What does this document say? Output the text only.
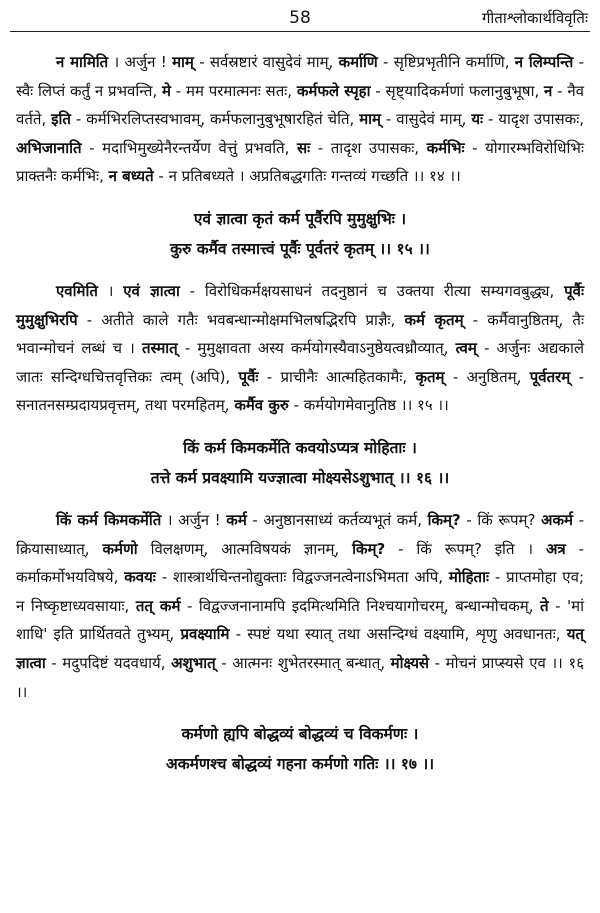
58	गीताश्लोकार्थविवृतिः

न मामिति । अर्जुन ! माम् - सर्वस्रष्टारं वासुदेवं माम्, कर्माणि - सृष्टिप्रभृतीनि कर्माणि, न लिम्पन्ति - स्वैः लिप्तं कर्तुं न प्रभवन्ति, मे - मम परमात्मनः सतः, कर्मफले स्पृहा - सृष्ट्यादिकर्मणां फलानुबुभूषा, न - नैव वर्तते, इति - कर्मभिरलिप्तस्वभावम्, कर्मफलानुबुभूषारहितं चेति, माम् - वासुदेवं माम्, यः - यादृश उपासकः, अभिजानाति - मदाभिमुख्येनैरन्तर्येण वेत्तुं प्रभवति, सः - तादृश उपासकः, कर्मभिः - योगारम्भविरोधिभिः प्राक्तनैः कर्मभिः, न बध्यते - न प्रतिबध्यते । अप्रतिबद्धगतिः गन्तव्यं गच्छति ।। १४ ।।

एवं ज्ञात्वा कृतं कर्म पूर्वैरपि मुमुक्षुभिः ।
कुरु कर्मैव तस्मात्त्वं पूर्वैः पूर्वतरं कृतम् ।। १५ ।।

एवमिति । एवं ज्ञात्वा - विरोधिकर्मक्षयसाधनं तदनुष्ठानं च उक्तया रीत्या सम्यगवबुद्ध्य, पूर्वैः मुमुक्षुभिरपि - अतीते काले गतैः भवबन्धान्मोक्षमभिलषद्भिरपि प्राज्ञैः, कर्म कृतम् - कर्मैवानुष्ठितम्, तैः भवान्मोचनं लब्धं च । तस्मात् - मुमुक्षावता अस्य कर्मयोगस्यैवाऽनुष्ठेयत्वध्रौव्यात्, त्वम् - अर्जुनः अद्यकाले जातः सन्दिग्धचित्तवृत्तिकः त्वम् (अपि), पूर्वैः - प्राचीनैः आत्महितकामैः, कृतम् - अनुष्ठितम्, पूर्वतरम् - सनातनसम्प्रदायप्रवृत्तम्, तथा परमहितम्, कर्मैव कुरु - कर्मयोगमेवानुतिष्ठ ।। १५ ।।

किं कर्म किमकर्मेति कवयोऽप्यत्र मोहिताः ।
तत्ते कर्म प्रवक्ष्यामि यज्ज्ञात्वा मोक्ष्यसेऽशुभात् ।। १६ ।।

किं कर्म किमकर्मेति । अर्जुन ! कर्म - अनुष्ठानसाध्यं कर्तव्यभूतं कर्म, किम्? - किं रूपम्? अकर्म - क्रियासाध्यात्, कर्मणो विलक्षणम्, आत्मविषयकं ज्ञानम्, किम्? - किं रूपम्? इति । अत्र - कर्माकर्मोभयविषये, कवयः - शास्त्रार्थचिन्तनोद्युक्ताः विद्वज्जनत्वेनाऽभिमता अपि, मोहिताः - प्राप्तमोहा एव; न निष्कृष्टाध्यवसायाः, तत् कर्म - विद्वज्जनानामपि इदमित्थमिति निश्चयागोचरम्, बन्धान्मोचकम्, ते - 'मां शाधि' इति प्रार्थितवते तुभ्यम्, प्रवक्ष्यामि - स्पष्टं यथा स्यात् तथा असन्दिग्धं वक्ष्यामि, शृणु अवधानतः, यत् ज्ञात्वा - मदुपदिष्टं यदवधार्य, अशुभात् - आत्मनः शुभेतरस्मात् बन्धात्, मोक्ष्यसे - मोचनं प्राप्स्यसे एव ।। १६ ।।

कर्मणो ह्यपि बोद्धव्यं बोद्धव्यं च विकर्मणः ।
अकर्मणश्च बोद्धव्यं गहना कर्मणो गतिः ।। १७ ।।
